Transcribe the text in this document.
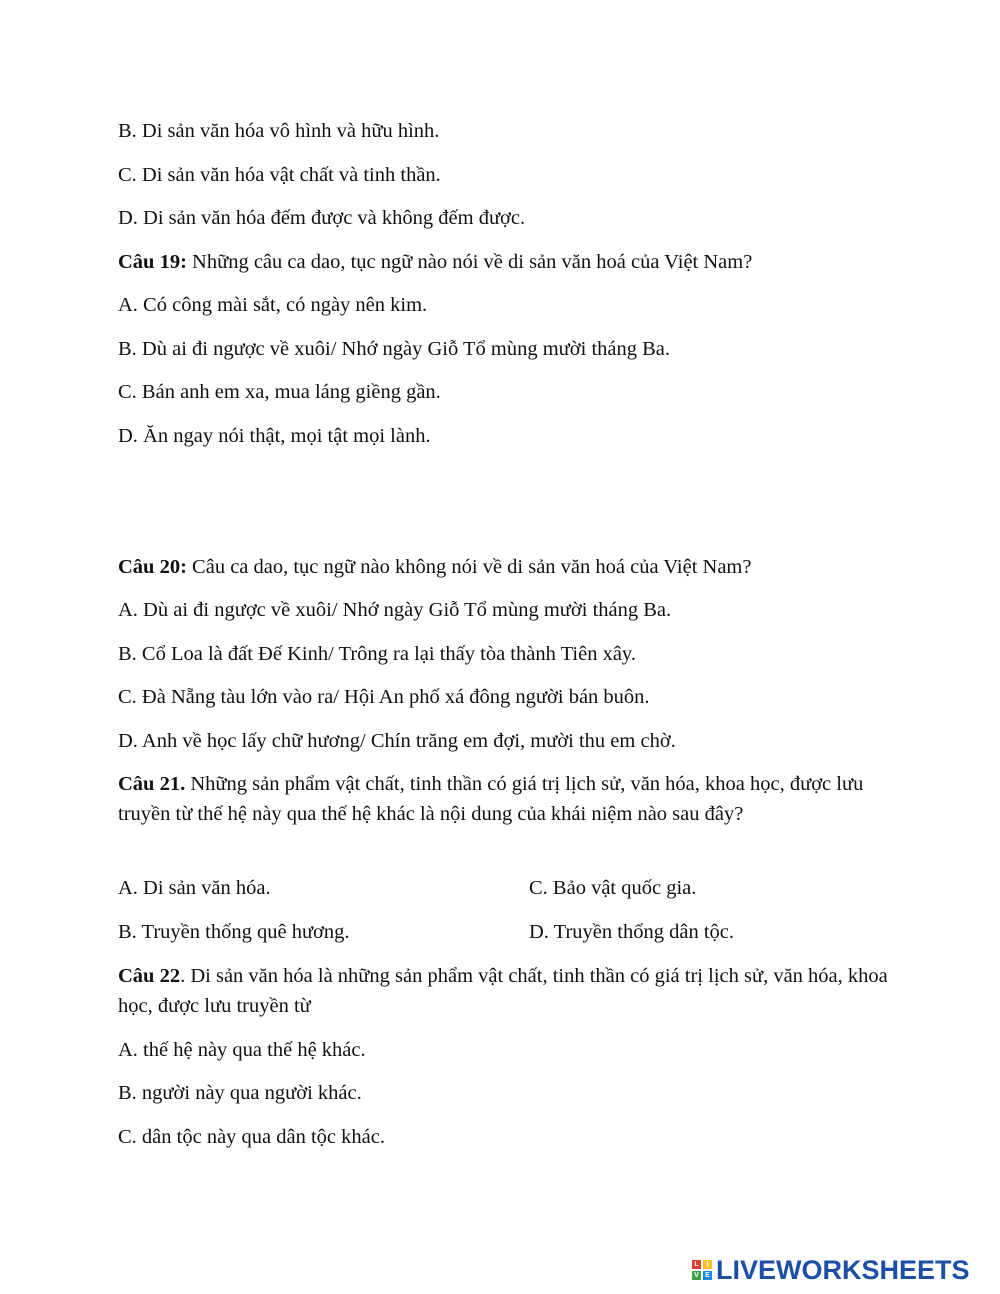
B. Di sản văn hóa vô hình và hữu hình.
C. Di sản văn hóa vật chất và tinh thần.
D. Di sản văn hóa đếm được và không đếm được.
Câu 19: Những câu ca dao, tục ngữ nào nói về di sản văn hoá của Việt Nam?
A. Có công mài sắt, có ngày nên kim.
B. Dù ai đi ngược về xuôi/ Nhớ ngày Giỗ Tổ mùng mười tháng Ba.
C. Bán anh em xa, mua láng giềng gần.
D. Ăn ngay nói thật, mọi tật mọi lành.
Câu 20: Câu ca dao, tục ngữ nào không nói về di sản văn hoá của Việt Nam?
A. Dù ai đi ngược về xuôi/ Nhớ ngày Giỗ Tổ mùng mười tháng Ba.
B. Cổ Loa là đất Đế Kinh/ Trông ra lại thấy tòa thành Tiên xây.
C. Đà Nẵng tàu lớn vào ra/ Hội An phố xá đông người bán buôn.
D. Anh về học lấy chữ hương/ Chín trăng em đợi, mười thu em chờ.
Câu 21. Những sản phẩm vật chất, tinh thần có giá trị lịch sử, văn hóa, khoa học, được lưu truyền từ thế hệ này qua thế hệ khác là nội dung của khái niệm nào sau đây?
A. Di sản văn hóa.	C. Bảo vật quốc gia.
B. Truyền thống quê hương.	D. Truyền thống dân tộc.
Câu 22. Di sản văn hóa là những sản phẩm vật chất, tinh thần có giá trị lịch sử, văn hóa, khoa học, được lưu truyền từ
A. thế hệ này qua thế hệ khác.
B. người này qua người khác.
C. dân tộc này qua dân tộc khác.
L	I
V E LIVEWORKSHEETS
